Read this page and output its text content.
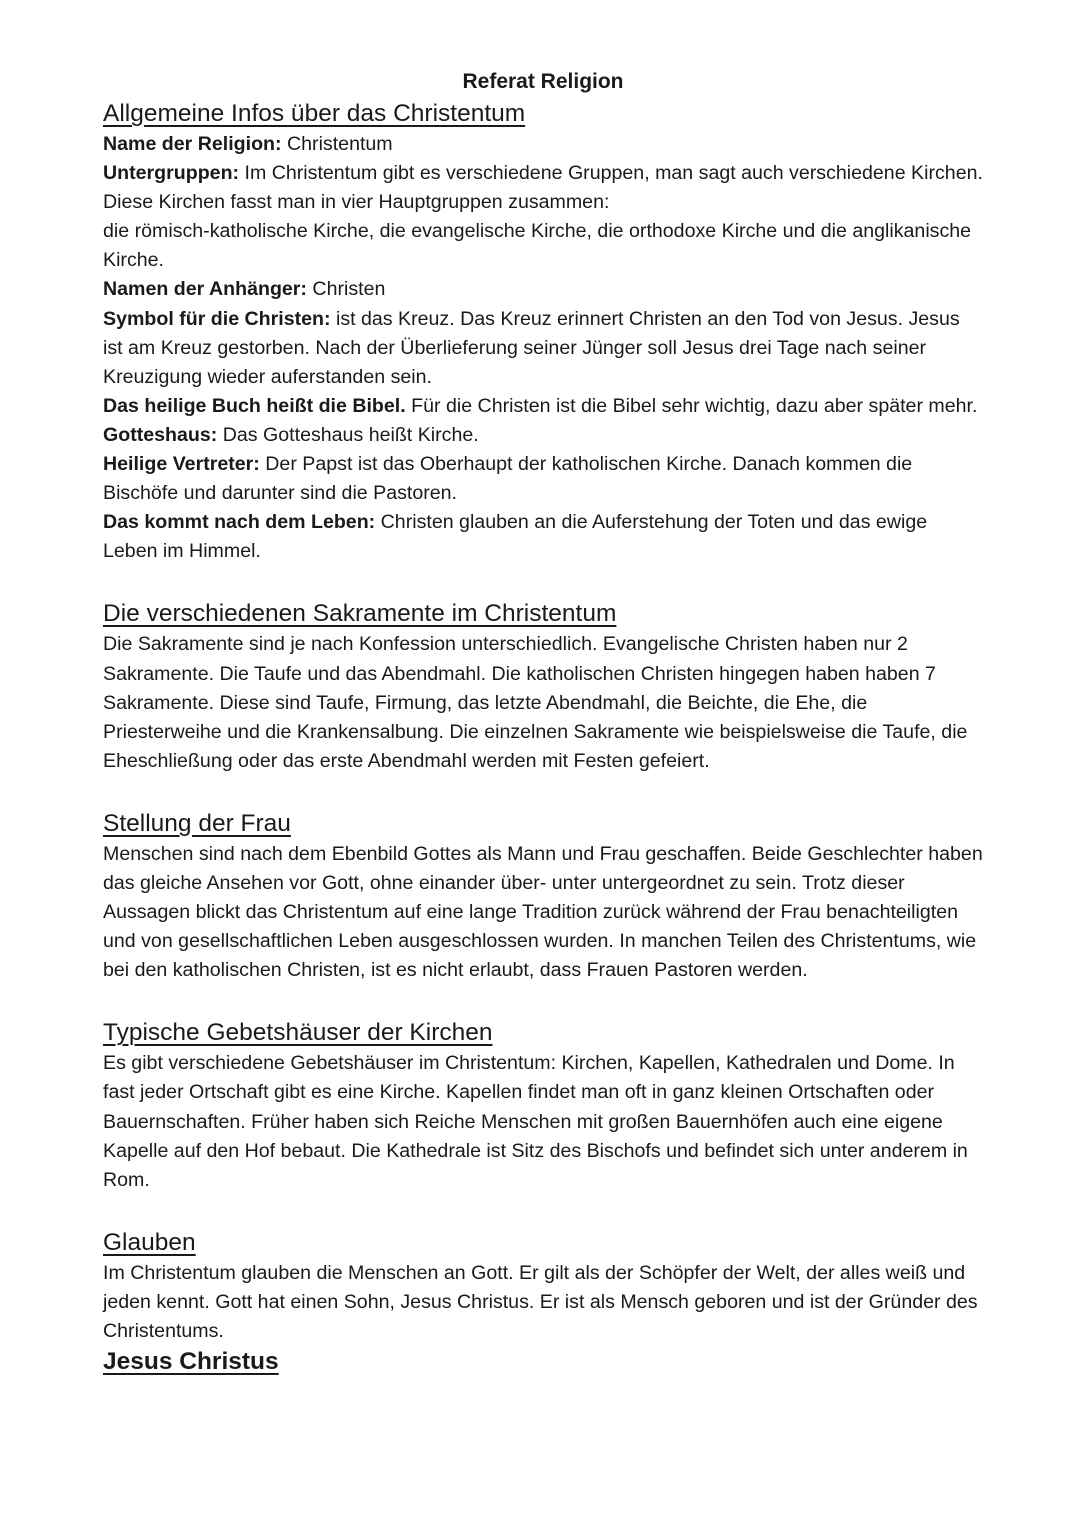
Referat Religion
Allgemeine Infos über das Christentum

Name der Religion: Christentum

Untergruppen: Im Christentum gibt es verschiedene Gruppen, man sagt auch verschiedene Kirchen. Diese Kirchen fasst man in vier Hauptgruppen zusammen:

die römisch-katholische Kirche, die evangelische Kirche, die orthodoxe Kirche und die anglikanische Kirche.

Namen der Anhänger: Christen

Symbol für die Christen: ist das Kreuz. Das Kreuz erinnert Christen an den Tod von Jesus. Jesus ist am Kreuz gestorben. Nach der Überlieferung seiner Jünger soll Jesus drei Tage nach seiner Kreuzigung wieder auferstanden sein.

Das heilige Buch heißt die Bibel. Für die Christen ist die Bibel sehr wichtig, dazu aber später mehr.

Gotteshaus: Das Gotteshaus heißt Kirche.

Heilige Vertreter: Der Papst ist das Oberhaupt der katholischen Kirche. Danach kommen die Bischöfe und darunter sind die Pastoren.

Das kommt nach dem Leben: Christen glauben an die Auferstehung der Toten und das ewige Leben im Himmel.

Die verschiedenen Sakramente im Christentum

Die Sakramente sind je nach Konfession unterschiedlich. Evangelische Christen haben nur 2 Sakramente. Die Taufe und das Abendmahl. Die katholischen Christen hingegen haben haben 7 Sakramente. Diese sind Taufe, Firmung, das letzte Abendmahl, die Beichte, die Ehe, die Priesterweihe und die Krankensalbung. Die einzelnen Sakramente wie beispielsweise die Taufe, die Eheschließung oder das erste Abendmahl werden mit Festen gefeiert.

Stellung der Frau

Menschen sind nach dem Ebenbild Gottes als Mann und Frau geschaffen. Beide Geschlechter haben das gleiche Ansehen vor Gott, ohne einander über- unter untergeordnet zu sein. Trotz dieser Aussagen blickt das Christentum auf eine lange Tradition zurück während der Frau benachteiligten und von gesellschaftlichen Leben ausgeschlossen wurden. In manchen Teilen des Christentums, wie bei den katholischen Christen, ist es nicht erlaubt, dass Frauen Pastoren werden.

Typische Gebetshäuser der Kirchen

Es gibt verschiedene Gebetshäuser im Christentum: Kirchen, Kapellen, Kathedralen und Dome. In fast jeder Ortschaft gibt es eine Kirche. Kapellen findet man oft in ganz kleinen Ortschaften oder Bauernschaften. Früher haben sich Reiche Menschen mit großen Bauernhöfen auch eine eigene Kapelle auf den Hof bebaut. Die Kathedrale ist Sitz des Bischofs und befindet sich unter anderem in Rom.

Glauben

Im Christentum glauben die Menschen an Gott. Er gilt als der Schöpfer der Welt, der alles weiß und jeden kennt. Gott hat einen Sohn, Jesus Christus. Er ist als Mensch geboren und ist der Gründer des Christentums.

Jesus Christus
